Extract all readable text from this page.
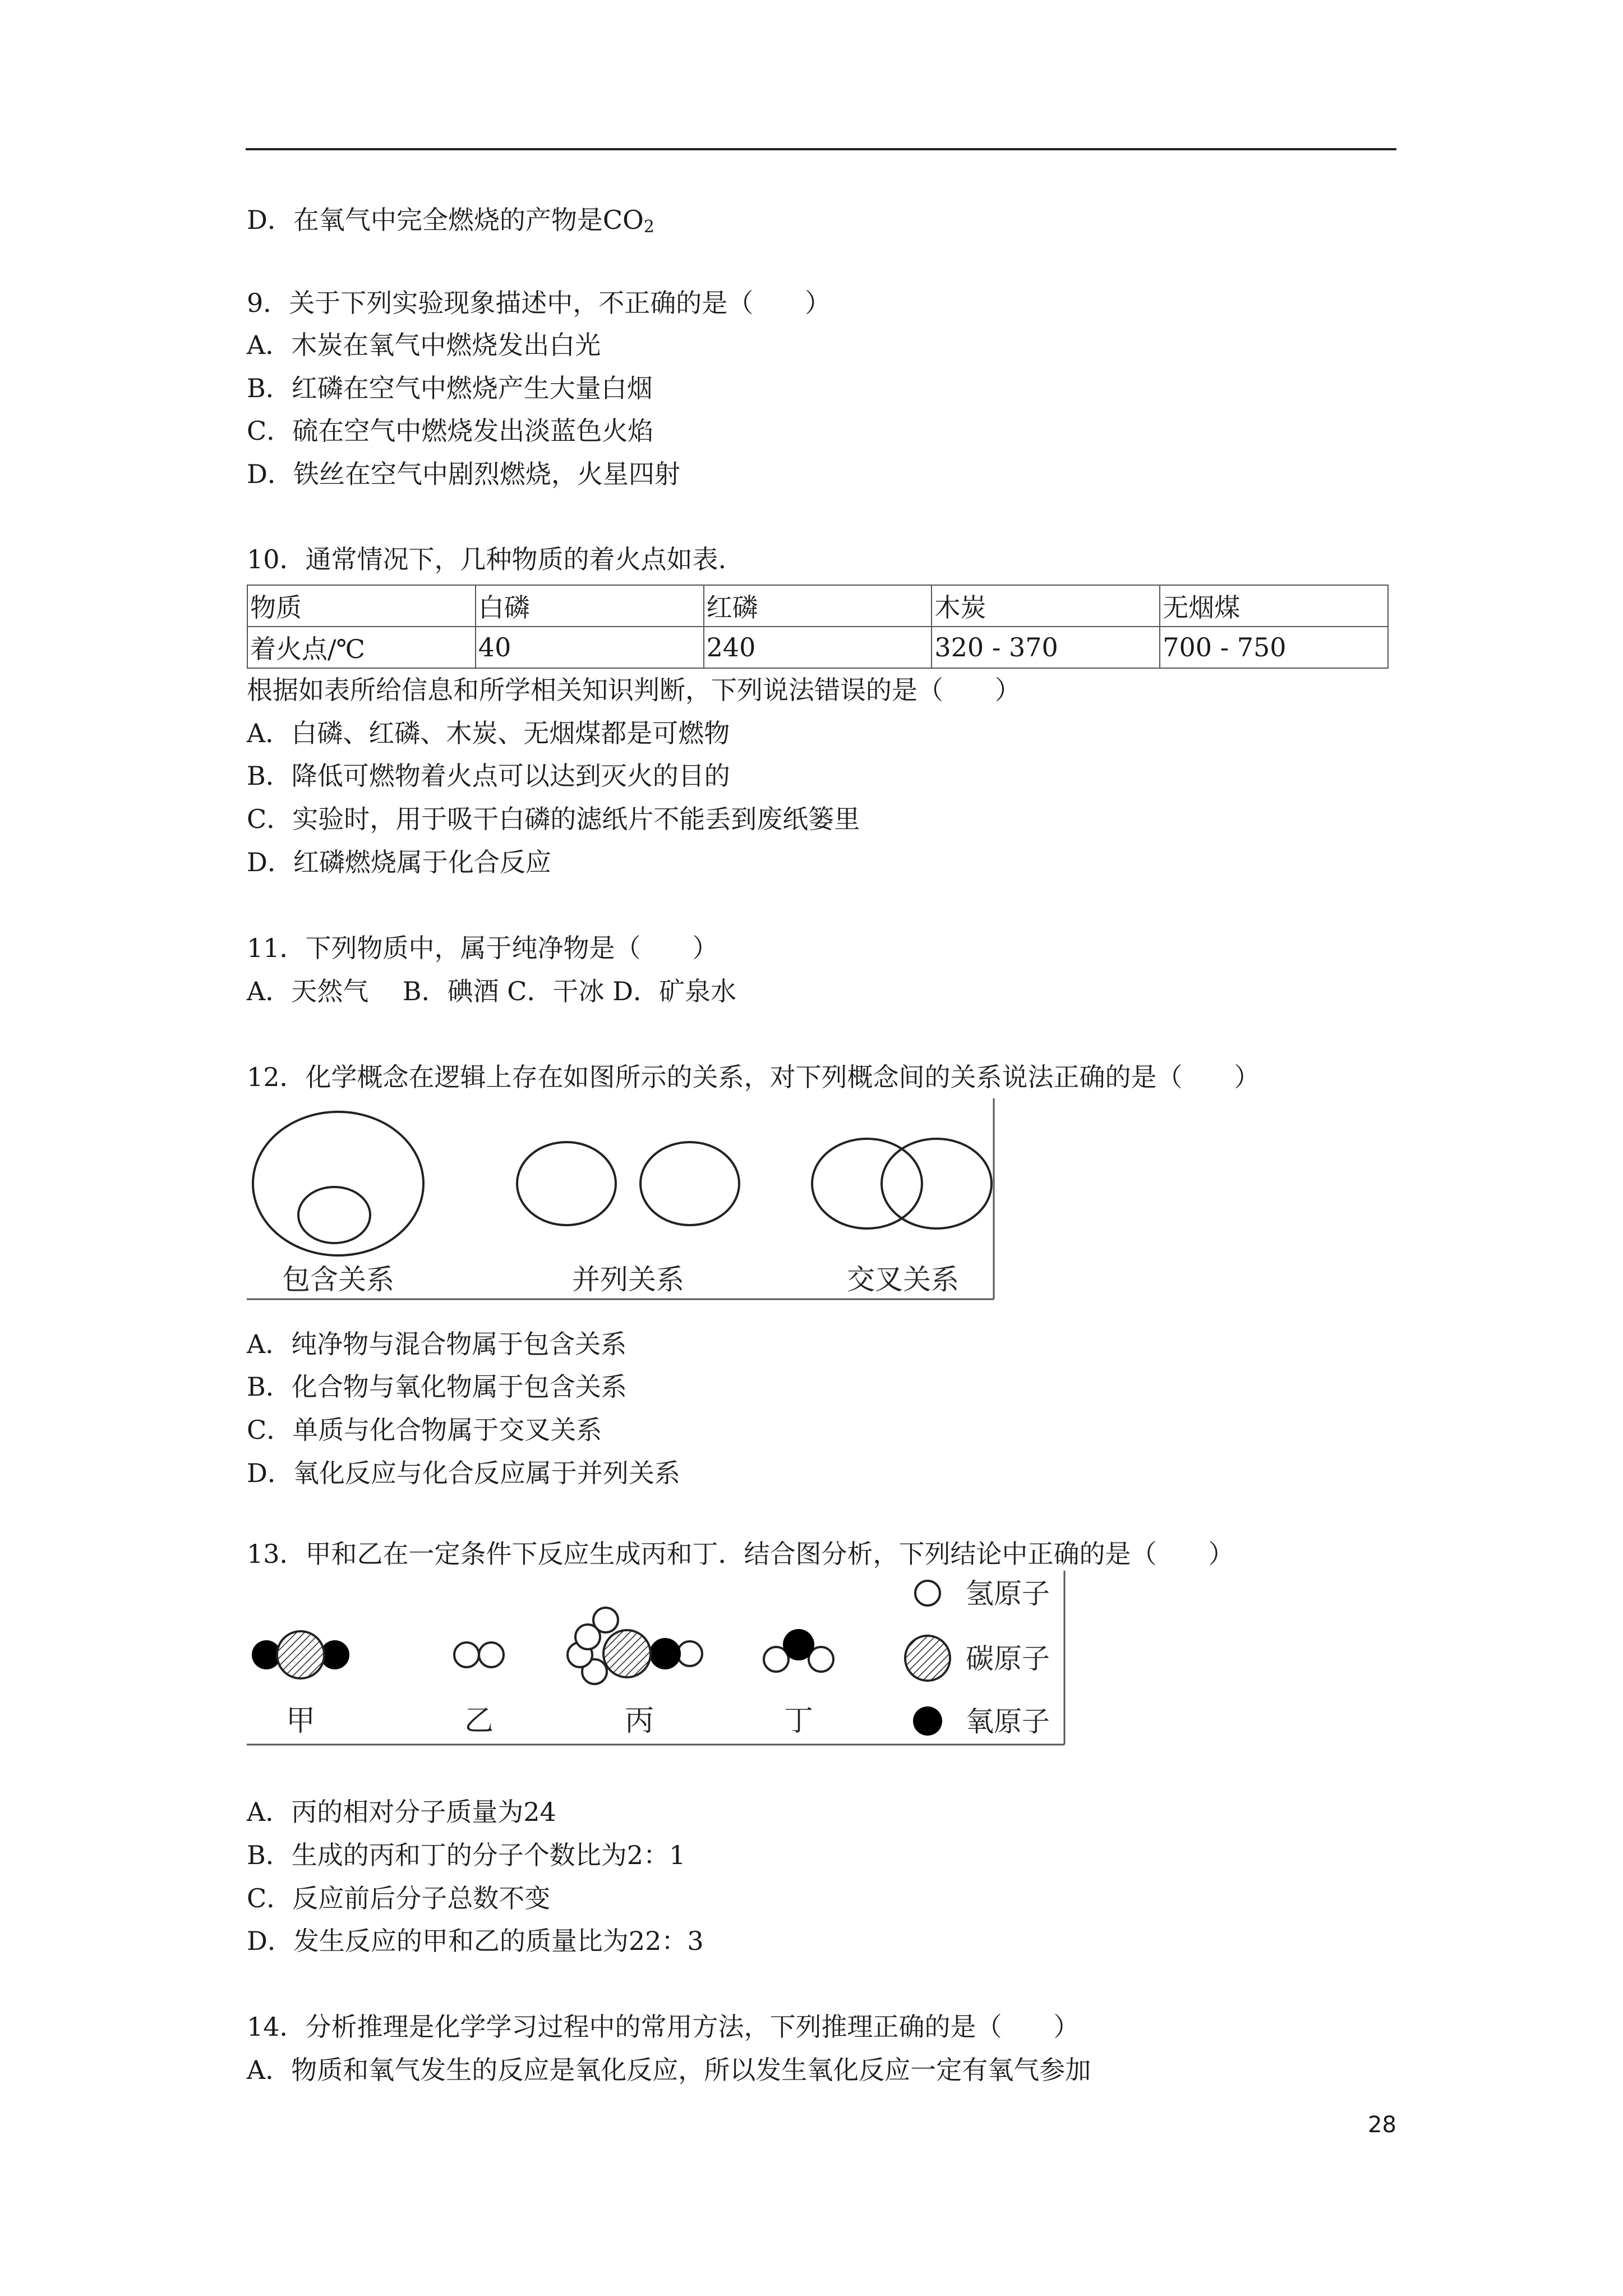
D．在氧气中完全燃烧的产物是$CO_2$
9．关于下列实验现象描述中，不正确的是（　　）
A．木炭在氧气中燃烧发出白光
B．红磷在空气中燃烧产生大量白烟
C．硫在空气中燃烧发出淡蓝色火焰
D．铁丝在空气中剧烈燃烧，火星四射
10．通常情况下，几种物质的着火点如表.
物质	白磷	红磷	木炭	无烟煤
着火点/℃	40	240	320 - 370	700 - 750
根据如表所给信息和所学相关知识判断，下列说法错误的是（　　）
A．白磷、红磷、木炭、无烟煤都是可燃物
B．降低可燃物着火点可以达到灭火的目的
C．实验时，用于吸干白磷的滤纸片不能丢到废纸篓里
D．红磷燃烧属于化合反应
11．下列物质中，属于纯净物是（　　）
A．天然气　 B．碘酒 C．干冰 D．矿泉水
12．化学概念在逻辑上存在如图所示的关系，对下列概念间的关系说法正确的是（　　）
包含关系	并列关系	交叉关系
A．纯净物与混合物属于包含关系
B．化合物与氧化物属于包含关系
C．单质与化合物属于交叉关系
D．氧化反应与化合反应属于并列关系
13．甲和乙在一定条件下反应生成丙和丁．结合图分析，下列结论中正确的是（　　）
甲	乙	丙	丁
氢原子
碳原子
氧原子
A．丙的相对分子质量为24
B．生成的丙和丁的分子个数比为2：1
C．反应前后分子总数不变
D．发生反应的甲和乙的质量比为22：3
14．分析推理是化学学习过程中的常用方法，下列推理正确的是（　　）
A．物质和氧气发生的反应是氧化反应，所以发生氧化反应一定有氧气参加
28
